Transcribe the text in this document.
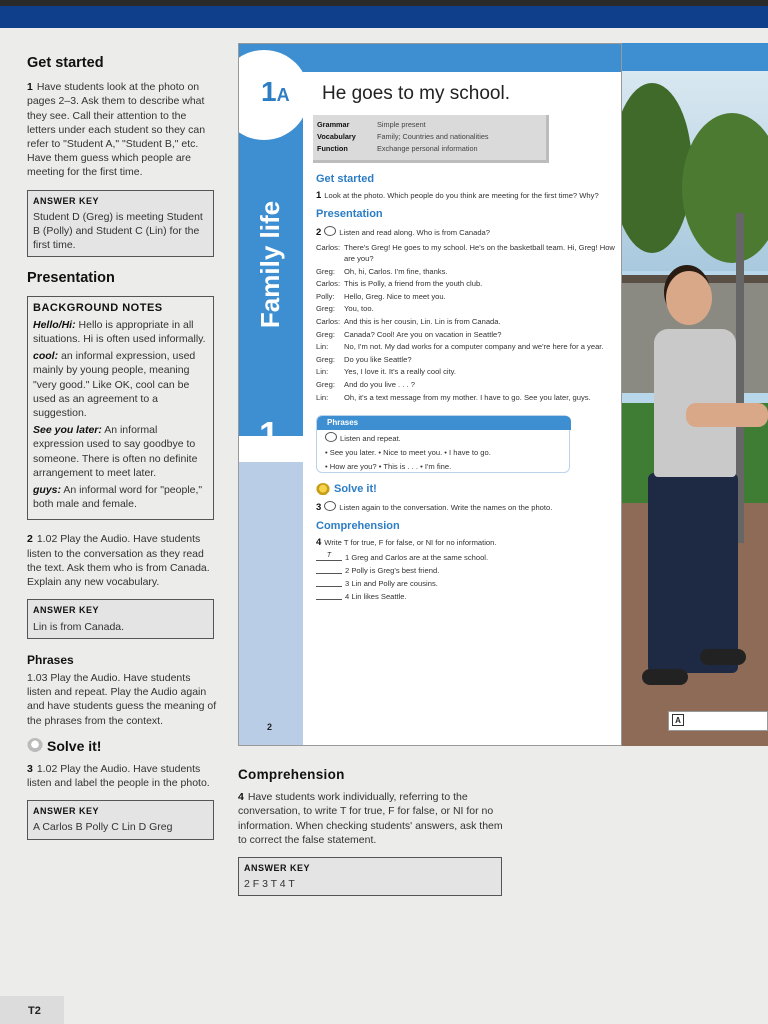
Get started
1 Have students look at the photo on pages 2–3. Ask them to describe what they see. Call their attention to the letters under each student so they can refer to "Student A," "Student B," etc. Have them guess which people are meeting for the first time.
ANSWER KEY
Student D (Greg) is meeting Student B (Polly) and Student C (Lin) for the first time.
Presentation
BACKGROUND NOTES
Hello/Hi: Hello is appropriate in all situations. Hi is often used informally.
cool: an informal expression, used mainly by young people, meaning "very good." Like OK, cool can be used as an agreement to a suggestion.
See you later: An informal expression used to say goodbye to someone. There is often no definite arrangement to meet later.
guys: An informal word for "people," both male and female.
2 1.02 Play the Audio. Have students listen to the conversation as they read the text. Ask them who is from Canada. Explain any new vocabulary.
ANSWER KEY
Lin is from Canada.
Phrases
1.03 Play the Audio. Have students listen and repeat. Play the Audio again and have students guess the meaning of the phrases from the context.
Solve it!
3 1.02 Play the Audio. Have students listen and label the people in the photo.
ANSWER KEY
A Carlos B Polly C Lin D Greg
1A
Family life
1
2
He goes to my school.
Grammar	Simple present
Vocabulary	Family; Countries and nationalities
Function	Exchange personal information
Get started
1 Look at the photo. Which people do you think are meeting for the first time? Why?
Presentation
2 Listen and read along. Who is from Canada?
Carlos: There's Greg! He goes to my school. He's on the basketball team. Hi, Greg! How are you?
Greg:	Oh, hi, Carlos. I'm fine, thanks.
Carlos: This is Polly, a friend from the youth club.
Polly:	Hello, Greg. Nice to meet you.
Greg:	You, too.
Carlos: And this is her cousin, Lin. Lin is from Canada.
Greg:	Canada? Cool! Are you on vacation in Seattle?
Lin:	No, I'm not. My dad works for a computer company and we're here for a year.
Greg:	Do you like Seattle?
Lin:	Yes, I love it. It's a really cool city.
Greg:	And do you live . . . ?
Lin:	Oh, it's a text message from my mother. I have to go. See you later, guys.
Phrases
Listen and repeat.
• See you later. • Nice to meet you. • I have to go.
• How are you? • This is . . . • I'm fine.
Solve it!
3 Listen again to the conversation. Write the names on the photo.
Comprehension
4 Write T for true, F for false, or NI for no information.
T	1 Greg and Carlos are at the same school.
2 Polly is Greg's best friend.
3 Lin and Polly are cousins.
4 Lin likes Seattle.
A
Comprehension
4 Have students work individually, referring to the conversation, to write T for true, F for false, or NI for no information. When checking students' answers, ask them to correct the false statement.
ANSWER KEY
2 F 3 T 4 T
T2
